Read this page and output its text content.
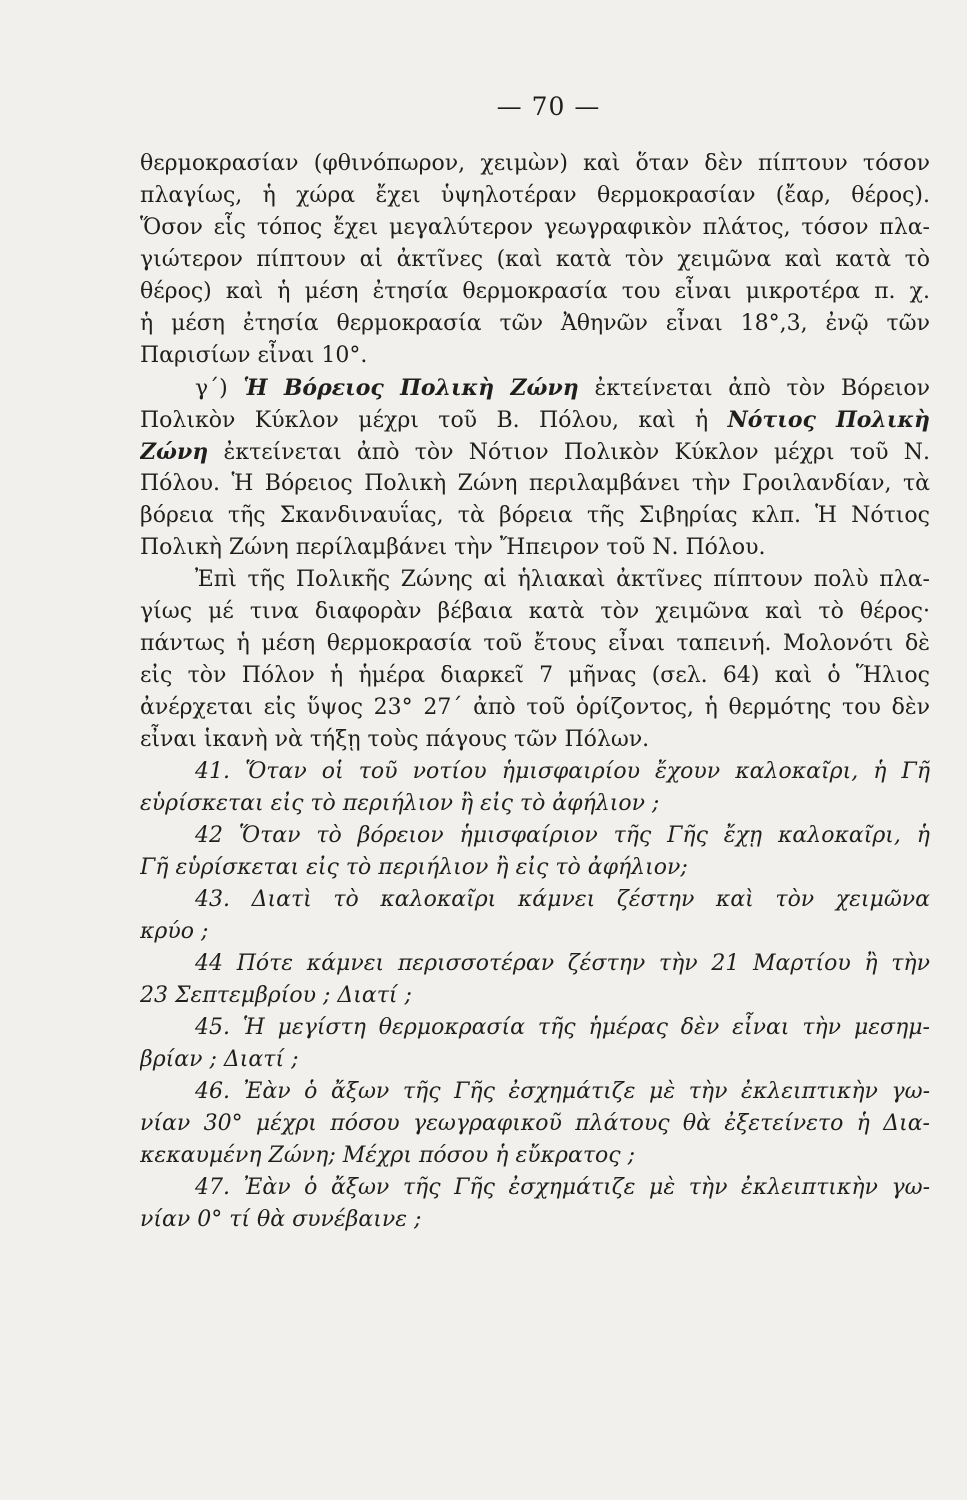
— 70 —
θερμοκρασίαν (φθινόπωρον, χειμὼν) καὶ ὅταν δὲν πίπτουν τόσον
πλαγίως, ἡ χώρα ἔχει ὑψηλοτέραν θερμοκρασίαν (ἔαρ, θέρος).
Ὅσον εἷς τόπος ἔχει μεγαλύτερον γεωγραφικὸν πλάτος, τόσον πλα-
γιώτερον πίπτουν αἱ ἀκτῖνες (καὶ κατὰ τὸν χειμῶνα καὶ κατὰ τὸ
θέρος) καὶ ἡ μέση ἐτησία θερμοκρασία του εἶναι μικροτέρα π. χ.
ἡ μέση ἐτησία θερμοκρασία τῶν Ἀθηνῶν εἶναι 18°,3, ἐνῷ τῶν
Παρισίων εἶναι 10°.
γ΄) Ἡ Βόρειος Πολικὴ Ζώνη ἐκτείνεται ἀπὸ τὸν Βόρειον
Πολικὸν Κύκλον μέχρι τοῦ Β. Πόλου, καὶ ἡ Νότιος Πολικὴ
Ζώνη ἐκτείνεται ἀπὸ τὸν Νότιον Πολικὸν Κύκλον μέχρι τοῦ Ν.
Πόλου. Ἡ Βόρειος Πολικὴ Ζώνη περιλαμβάνει τὴν Γροιλανδίαν, τὰ
βόρεια τῆς Σκανδιναυΐας, τὰ βόρεια τῆς Σιβηρίας κλπ. Ἡ Νότιος
Πολικὴ Ζώνη περίλαμβάνει τὴν Ἤπειρον τοῦ Ν. Πόλου.
Ἐπὶ τῆς Πολικῆς Ζώνης αἱ ἡλιακαὶ ἀκτῖνες πίπτουν πολὺ πλα-
γίως μέ τινα διαφορὰν βέβαια κατὰ τὸν χειμῶνα καὶ τὸ θέρος·
πάντως ἡ μέση θερμοκρασία τοῦ ἔτους εἶναι ταπεινή. Μολονότι δὲ
εἰς τὸν Πόλον ἡ ἡμέρα διαρκεῖ 7 μῆνας (σελ. 64) καὶ ὁ Ἥλιος
ἀνέρχεται εἰς ὕψος 23° 27΄ ἀπὸ τοῦ ὁρίζοντος, ἡ θερμότης του δὲν
εἶναι ἱκανὴ νὰ τήξῃ τοὺς πάγους τῶν Πόλων.
41. Ὅταν οἱ τοῦ νοτίου ἡμισφαιρίου ἔχουν καλοκαῖρι, ἡ Γῆ
εὑρίσκεται εἰς τὸ περιήλιον ἢ εἰς τὸ ἀφήλιον ;
42 Ὅταν τὸ βόρειον ἡμισφαίριον τῆς Γῆς ἔχῃ καλοκαῖρι, ἡ
Γῆ εὑρίσκεται εἰς τὸ περιήλιον ἢ εἰς τὸ ἀφήλιον;
43. Διατὶ τὸ καλοκαῖρι κάμνει ζέστην καὶ τὸν χειμῶνα
κρύο ;
44 Πότε κάμνει περισσοτέραν ζέστην τὴν 21 Μαρτίου ἢ τὴν
23 Σεπτεμβρίου ; Διατί ;
45. Ἡ μεγίστη θερμοκρασία τῆς ἡμέρας δὲν εἶναι τὴν μεσημ-
βρίαν ; Διατί ;
46. Ἐὰν ὁ ἄξων τῆς Γῆς ἐσχημάτιζε μὲ τὴν ἐκλειπτικὴν γω-
νίαν 30° μέχρι πόσου γεωγραφικοῦ πλάτους θὰ ἐξετείνετο ἡ Δια-
κεκαυμένη Ζώνη; Μέχρι πόσου ἡ εὔκρατος ;
47. Ἐὰν ὁ ἄξων τῆς Γῆς ἐσχημάτιζε μὲ τὴν ἐκλειπτικὴν γω-
νίαν 0° τί θὰ συνέβαινε ;
